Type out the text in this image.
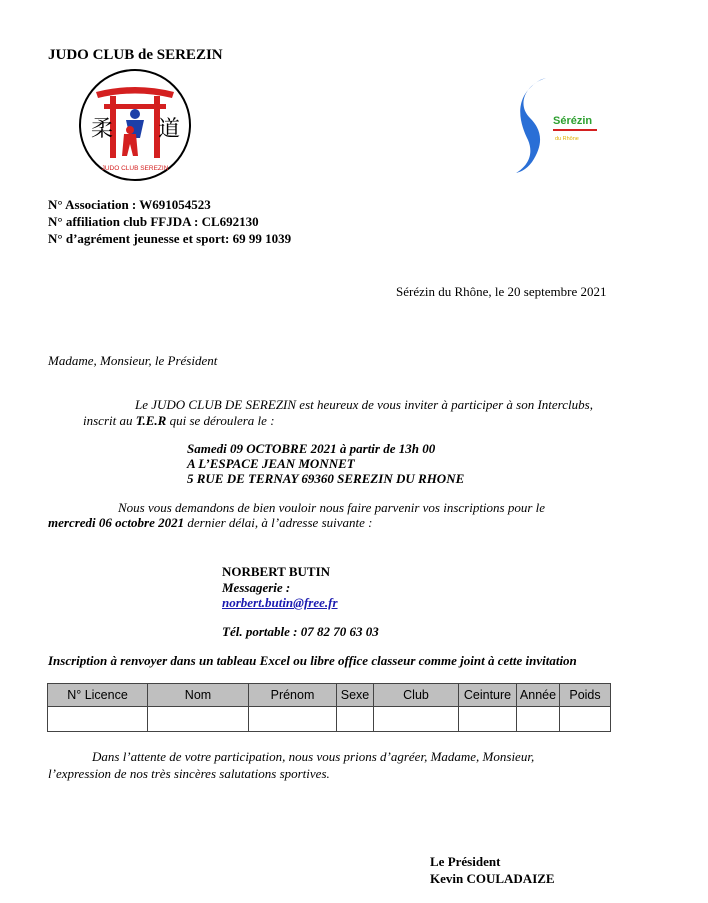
JUDO CLUB de SEREZIN
柔 道
JUDO CLUB SEREZIN
Sérézin
du Rhône
N° Association : W691054523
N° affiliation club FFJDA : CL692130
N° d’agrément jeunesse et sport: 69 99 1039
Sérézin du Rhône, le 20 septembre 2021
Madame, Monsieur, le Président
Le JUDO CLUB DE SEREZIN est heureux de vous inviter à participer à son Interclubs,
inscrit au T.E.R qui se déroulera le :
Samedi 09 OCTOBRE 2021 à partir de 13h 00
A L’ESPACE JEAN MONNET
5 RUE DE TERNAY 69360 SEREZIN DU RHONE
Nous vous demandons de bien vouloir nous faire parvenir vos inscriptions pour le
mercredi 06 octobre 2021 dernier délai, à l’adresse suivante :
NORBERT BUTIN
Messagerie :
norbert.butin@free.fr
Tél. portable : 07 82 70 63 03
Inscription à renvoyer dans un tableau Excel ou libre office classeur comme joint à cette invitation
N° Licence	Nom	Prénom	Sexe	Club	Ceinture	Année	Poids

Dans l’attente de votre participation, nous vous prions d’agréer, Madame, Monsieur,
l’expression de nos très sincères salutations sportives.
Le Président
Kevin COULADAIZE
